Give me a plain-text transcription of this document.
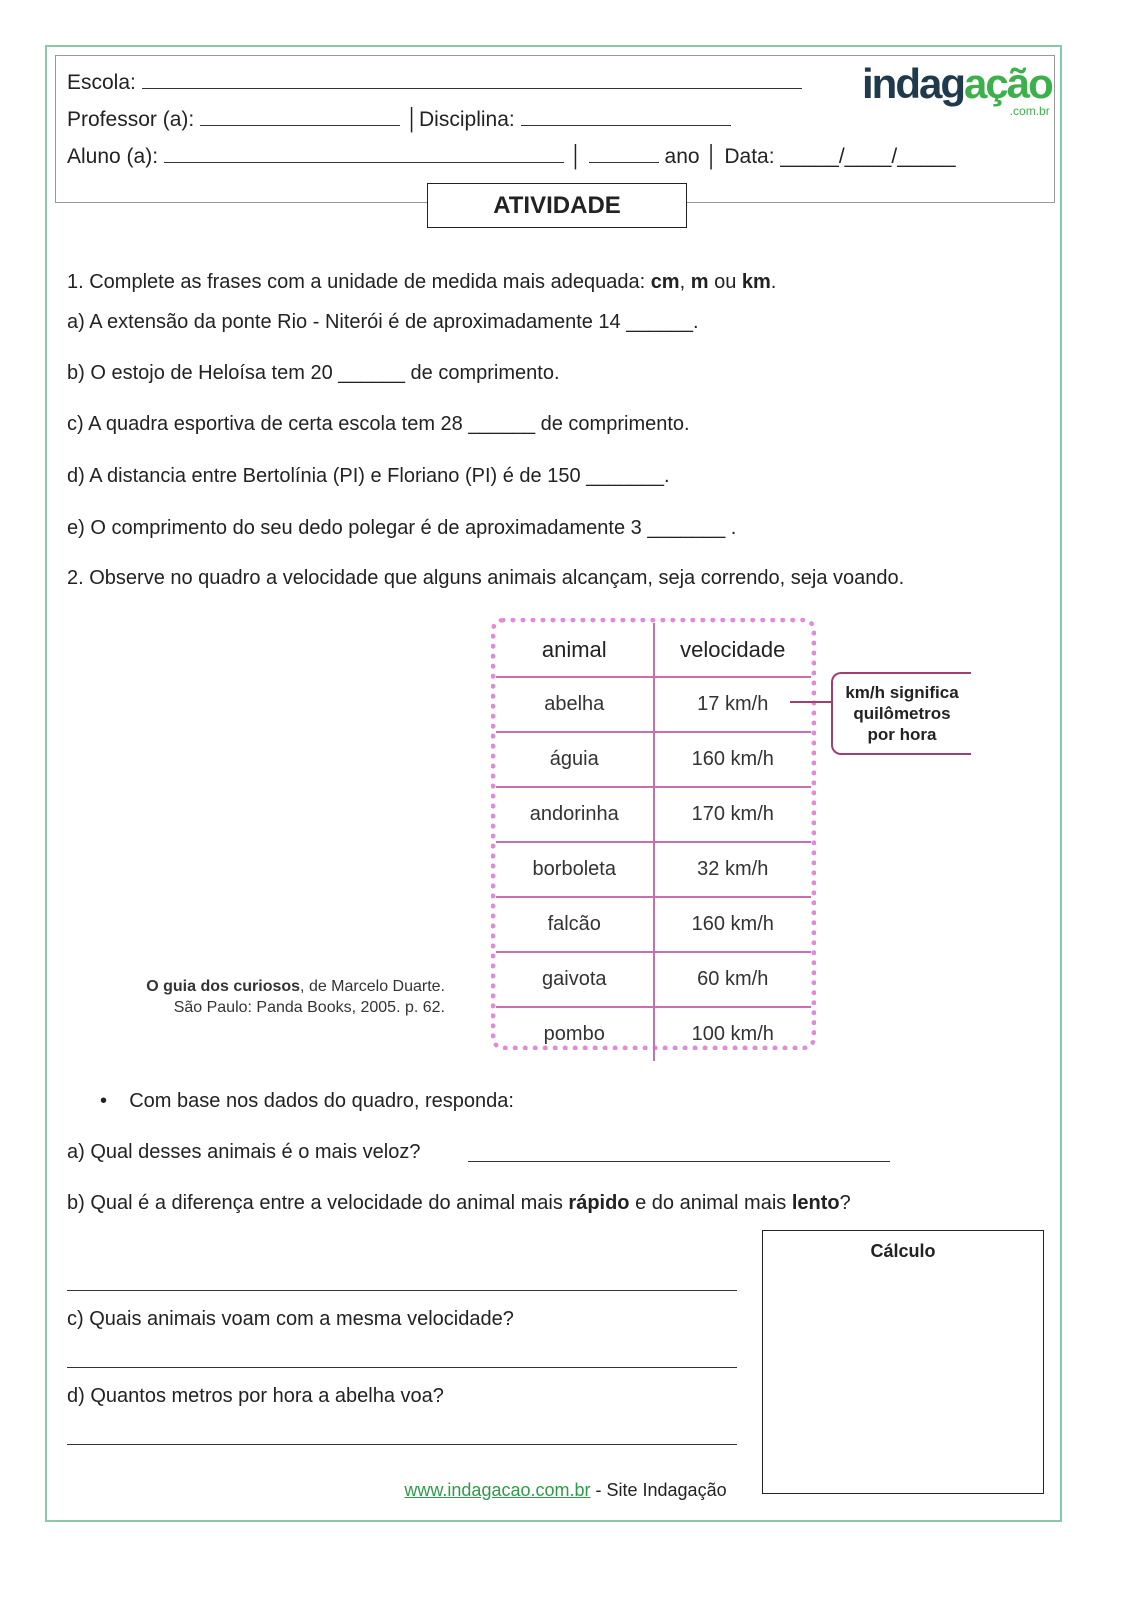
Escola:
Professor (a):	│Disciplina:
Aluno (a):	│	ano │ Data: _____/____/_____
indagação
.com.br
ATIVIDADE
1. Complete as frases com a unidade de medida mais adequada: cm, m ou km.
a) A extensão da ponte Rio - Niterói é de aproximadamente 14 ______.
b) O estojo de Heloísa tem 20 ______ de comprimento.
c) A quadra esportiva de certa escola tem 28 ______ de comprimento.
d) A distancia entre Bertolínia (PI) e Floriano (PI) é de 150 _______.
e) O comprimento do seu dedo polegar é de aproximadamente 3 _______ .
2. Observe no quadro a velocidade que alguns animais alcançam, seja correndo, seja voando.
animal	velocidade
abelha	17 km/h
águia	160 km/h
andorinha	170 km/h
borboleta	32 km/h
falcão	160 km/h
gaivota	60 km/h
pombo	100 km/h
km/h significa
quilômetros
por hora
O guia dos curiosos, de Marcelo Duarte.
São Paulo: Panda Books, 2005. p. 62.
•    Com base nos dados do quadro, responda:
a) Qual desses animais é o mais veloz?
b) Qual é a diferença entre a velocidade do animal mais rápido e do animal mais lento?
c) Quais animais voam com a mesma velocidade?
d) Quantos metros por hora a abelha voa?
Cálculo
www.indagacao.com.br - Site Indagação
